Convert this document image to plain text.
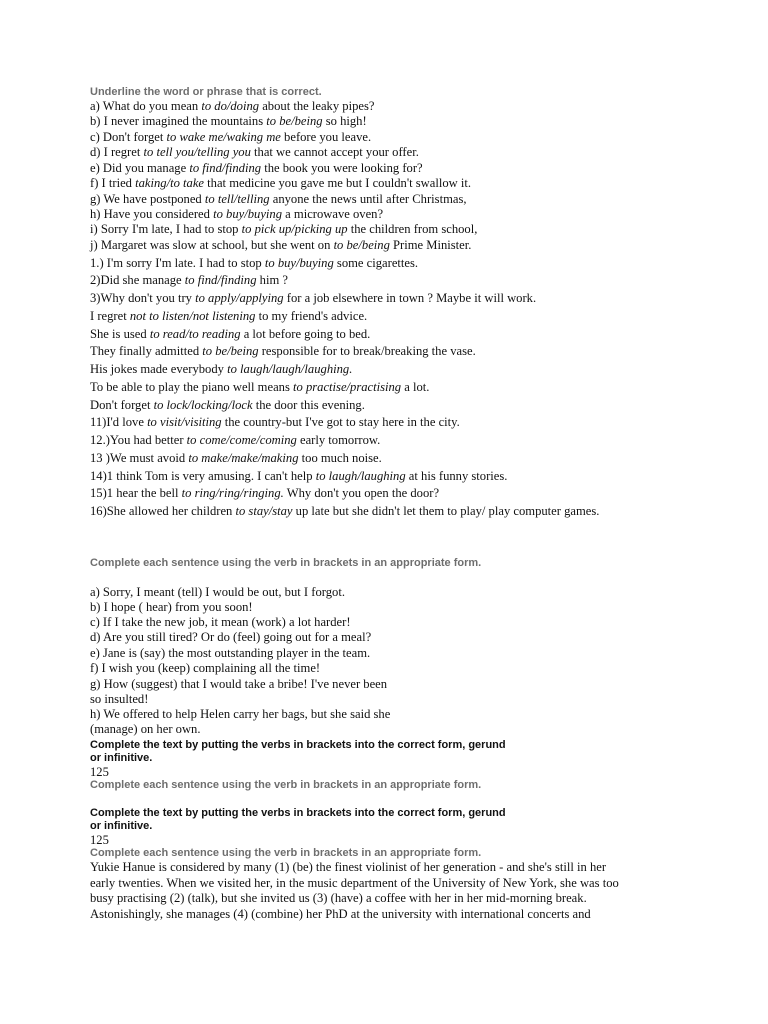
Underline the word or phrase that is correct.
a) What do you mean to do/doing about the leaky pipes?
b) I never imagined the mountains to be/being so high!
c) Don't forget to wake me/waking me before you leave.
d) I regret to tell you/telling you that we cannot accept your offer.
e) Did you manage to find/finding the book you were looking for?
f) I tried taking/to take that medicine you gave me but I couldn't swallow it.
g) We have postponed to tell/telling anyone the news until after Christmas,
h) Have you considered to buy/buying a microwave oven?
i) Sorry I'm late, I had to stop to pick up/picking up the children from school,
j) Margaret was slow at school, but she went on to be/being Prime Minister.
1.) I'm sorry I'm late. I had to stop to buy/buying some cigarettes.
2)Did she manage to find/finding him ?
3)Why don't you try to apply/applying for a job elsewhere in town ? Maybe it will work.
I regret not to listen/not listening to my friend's advice.
She is used to read/to reading a lot before going to bed.
They finally admitted to be/being responsible for to break/breaking the vase.
His jokes made everybody to laugh/laugh/laughing.
To be able to play the piano well means to practise/practising a lot.
Don't forget to lock/locking/lock the door this evening.
11)I'd love to visit/visiting the country-but I've got to stay here in the city.
12.)You had better to come/come/coming early tomorrow.
13 )We must avoid to make/make/making too much noise.
14)1 think Tom is very amusing. I can't help to laugh/laughing at his funny stories.
15)1 hear the bell to ring/ring/ringing. Why don't you open the door?
16)She allowed her children to stay/stay up late but she didn't let them to play/ play computer games.
Complete each sentence using the verb in brackets in an appropriate form.
a) Sorry, I meant (tell) I would be out, but I forgot.
b) I hope ( hear) from you soon!
c) If I take the new job, it mean (work) a lot harder!
d) Are you still tired? Or do (feel) going out for a meal?
e) Jane is (say) the most outstanding player in the team.
f) I wish you (keep) complaining all the time!
g) How (suggest) that I would take a bribe! I've never been
so insulted!
h) We offered to help Helen carry her bags, but she said she
(manage) on her own.
Complete the text by putting the verbs in brackets into the correct form, gerund
or infinitive.
125
Complete each sentence using the verb in brackets in an appropriate form.
Complete the text by putting the verbs in brackets into the correct form, gerund
or infinitive.
125
Complete each sentence using the verb in brackets in an appropriate form.
Yukie Hanue is considered by many (1) (be) the finest violinist of her generation - and she's still in her
early twenties. When we visited her, in the music department of the University of New York, she was too
busy practising (2) (talk), but she invited us (3) (have) a coffee with her in her mid-morning break.
Astonishingly, she manages (4) (combine) her PhD at the university with international concerts and
